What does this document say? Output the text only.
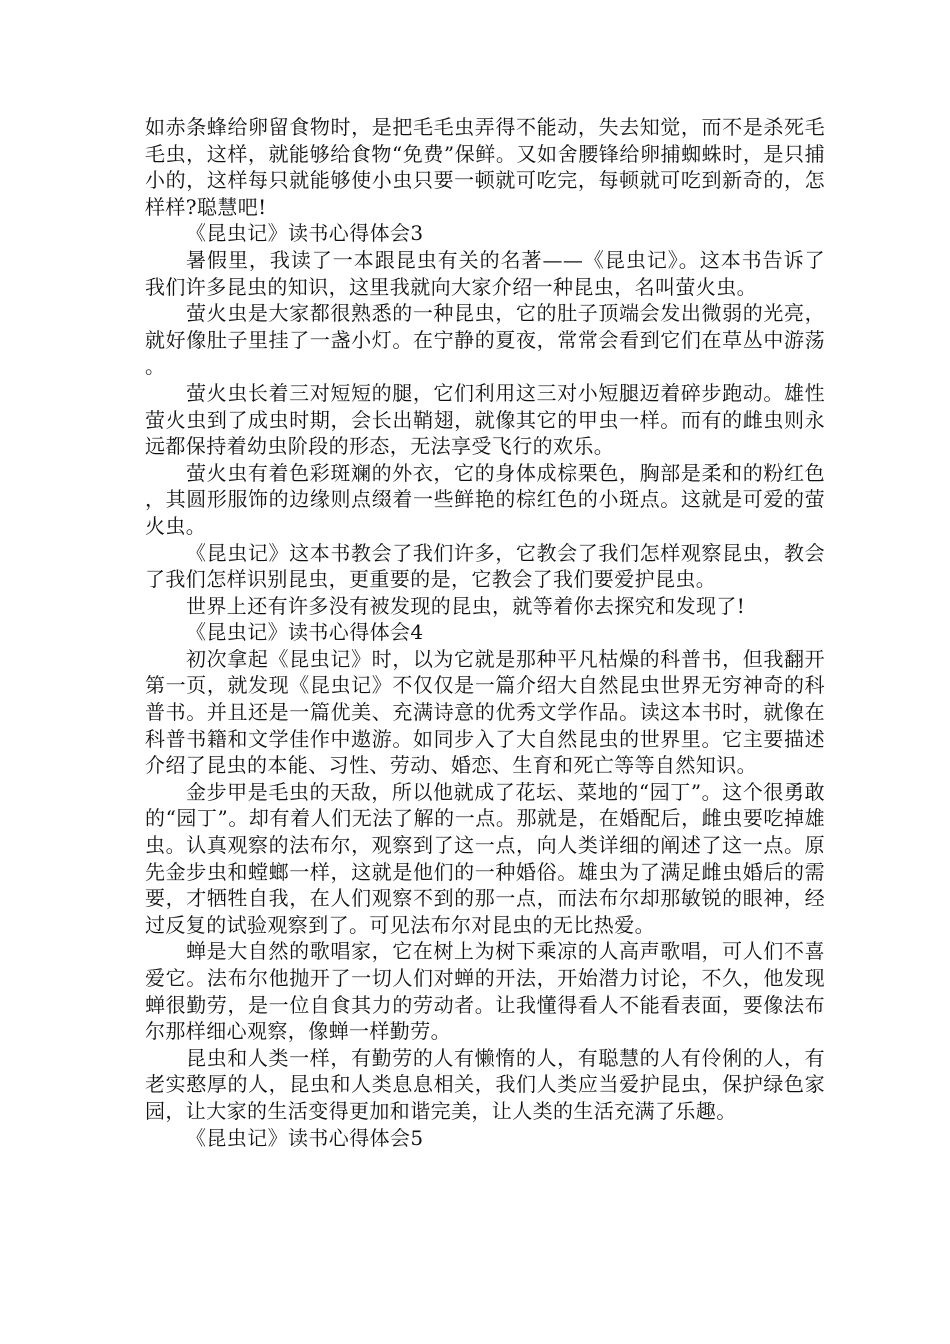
如赤条蜂给卵留食物时，是把毛毛虫弄得不能动，失去知觉，而不是杀死毛毛虫，这样，就能够给食物“免费”保鲜。又如舍腰锋给卵捕蜘蛛时，是只捕小的，这样每只就能够使小虫只要一顿就可吃完，每顿就可吃到新奇的，怎样样?聪慧吧!

《昆虫记》读书心得体会3

暑假里，我读了一本跟昆虫有关的名著——《昆虫记》。这本书告诉了我们许多昆虫的知识，这里我就向大家介绍一种昆虫，名叫萤火虫。

萤火虫是大家都很熟悉的一种昆虫，它的肚子顶端会发出微弱的光亮，就好像肚子里挂了一盏小灯。在宁静的夏夜，常常会看到它们在草丛中游荡。

萤火虫长着三对短短的腿，它们利用这三对小短腿迈着碎步跑动。雄性萤火虫到了成虫时期，会长出鞘翅，就像其它的甲虫一样。而有的雌虫则永远都保持着幼虫阶段的形态，无法享受飞行的欢乐。

萤火虫有着色彩斑斓的外衣，它的身体成棕栗色，胸部是柔和的粉红色，其圆形服饰的边缘则点缀着一些鲜艳的棕红色的小斑点。这就是可爱的萤火虫。

《昆虫记》这本书教会了我们许多，它教会了我们怎样观察昆虫，教会了我们怎样识别昆虫，更重要的是，它教会了我们要爱护昆虫。

世界上还有许多没有被发现的昆虫，就等着你去探究和发现了!

《昆虫记》读书心得体会4

初次拿起《昆虫记》时，以为它就是那种平凡枯燥的科普书，但我翻开第一页，就发现《昆虫记》不仅仅是一篇介绍大自然昆虫世界无穷神奇的科普书。并且还是一篇优美、充满诗意的优秀文学作品。读这本书时，就像在科普书籍和文学佳作中遨游。如同步入了大自然昆虫的世界里。它主要描述介绍了昆虫的本能、习性、劳动、婚恋、生育和死亡等等自然知识。

金步甲是毛虫的天敌，所以他就成了花坛、菜地的“园丁”。这个很勇敢的“园丁”。却有着人们无法了解的一点。那就是，在婚配后，雌虫要吃掉雄虫。认真观察的法布尔，观察到了这一点，向人类详细的阐述了这一点。原先金步虫和螳螂一样，这就是他们的一种婚俗。雄虫为了满足雌虫婚后的需要，才牺牲自我，在人们观察不到的那一点，而法布尔却那敏锐的眼神，经过反复的试验观察到了。可见法布尔对昆虫的无比热爱。

蝉是大自然的歌唱家，它在树上为树下乘凉的人高声歌唱，可人们不喜爱它。法布尔他抛开了一切人们对蝉的开法，开始潜力讨论，不久，他发现蝉很勤劳，是一位自食其力的劳动者。让我懂得看人不能看表面，要像法布尔那样细心观察，像蝉一样勤劳。

昆虫和人类一样，有勤劳的人有懒惰的人，有聪慧的人有伶俐的人，有老实憨厚的人，昆虫和人类息息相关，我们人类应当爱护昆虫，保护绿色家园，让大家的生活变得更加和谐完美，让人类的生活充满了乐趣。

《昆虫记》读书心得体会5
